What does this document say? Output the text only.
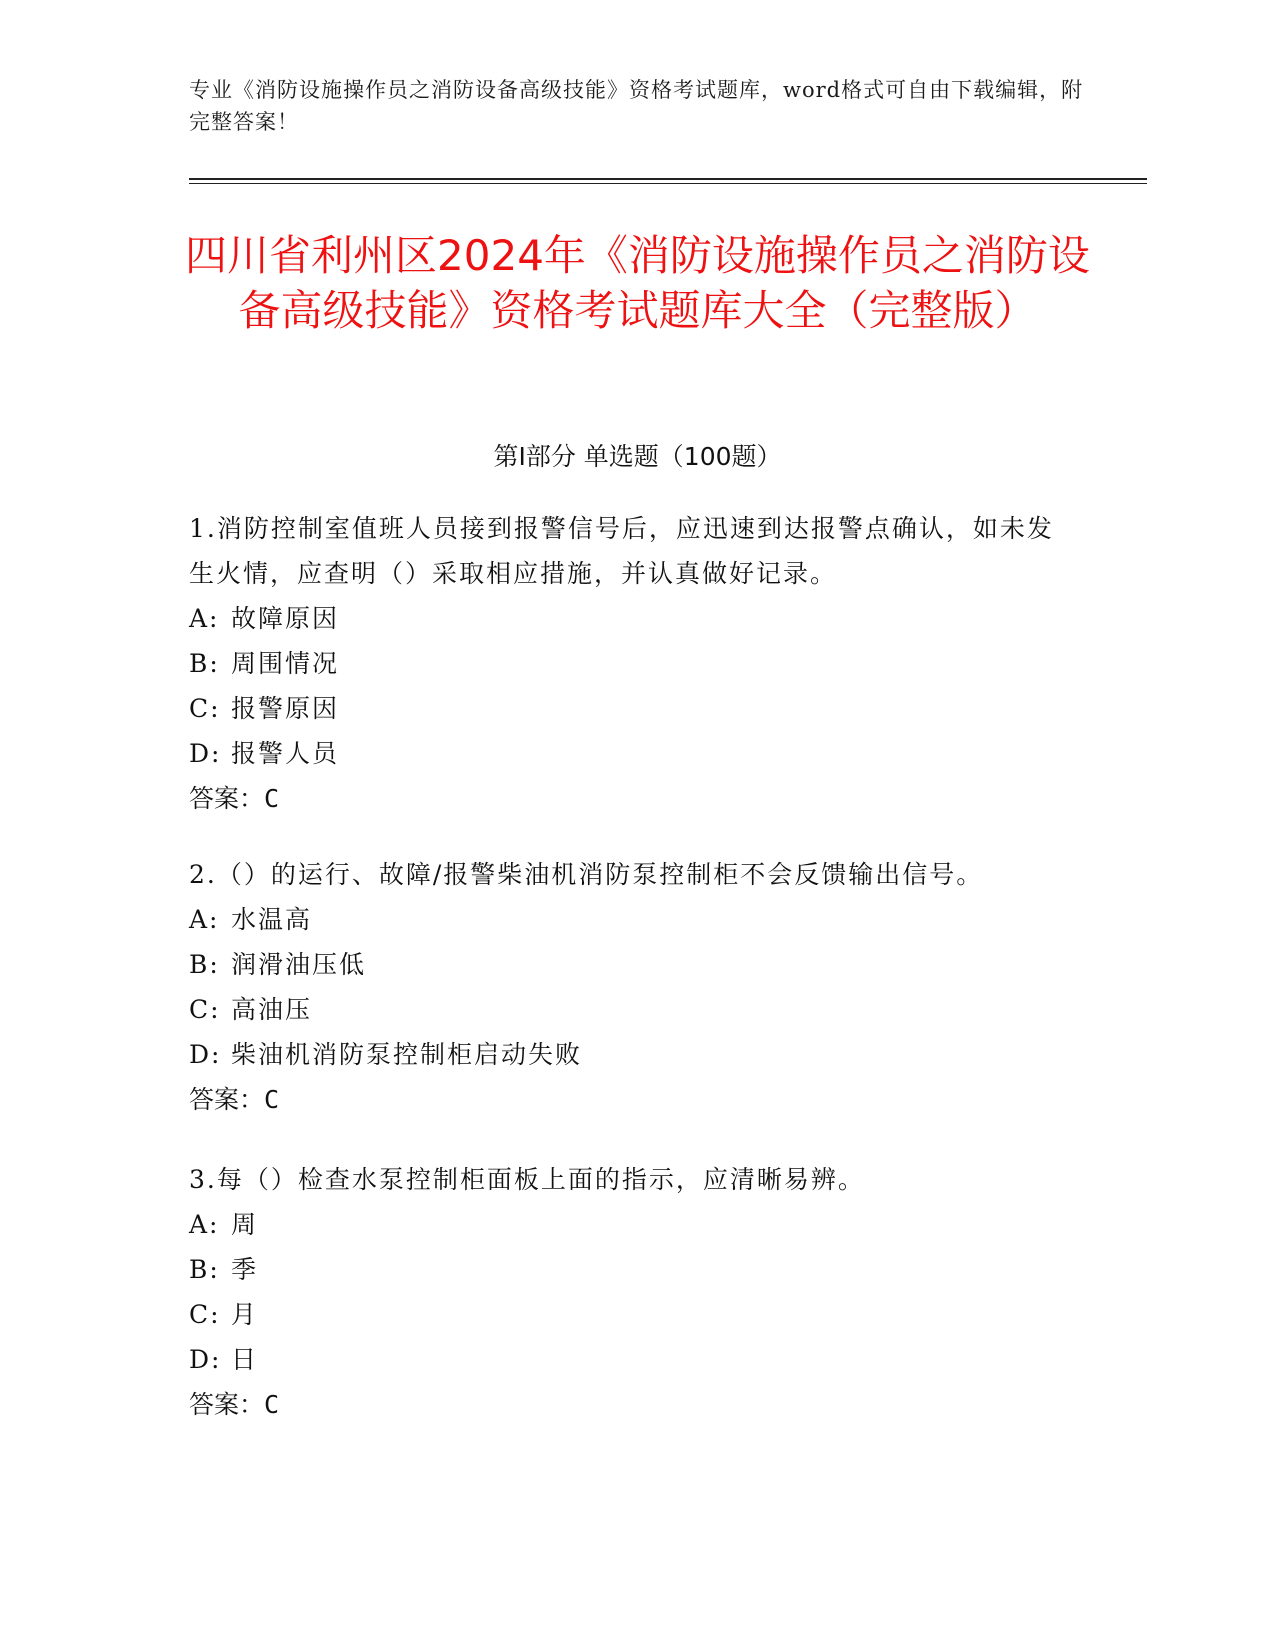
专业《消防设施操作员之消防设备高级技能》资格考试题库，word格式可自由下载编辑，附完整答案！
四川省利州区2024年《消防设施操作员之消防设备高级技能》资格考试题库大全（完整版）
第Ⅰ部分 单选题（100题）

1.消防控制室值班人员接到报警信号后，应迅速到达报警点确认，如未发生火情，应查明（）采取相应措施，并认真做好记录。

A: 故障原因
B: 周围情况
C: 报警原因
D: 报警人员
答案：C

2.（）的运行、故障/报警柴油机消防泵控制柜不会反馈输出信号。

A: 水温高
B: 润滑油压低
C: 高油压
D: 柴油机消防泵控制柜启动失败
答案：C

3.每（）检查水泵控制柜面板上面的指示，应清晰易辨。

A: 周
B: 季
C: 月
D: 日
答案：C
